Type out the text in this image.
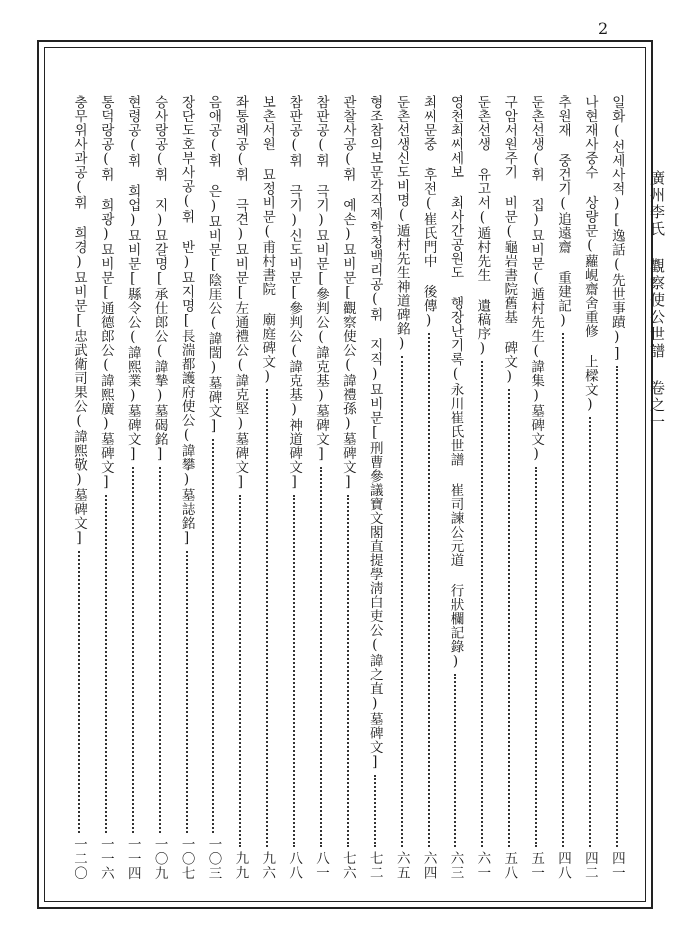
2
廣州李氏 觀察使公世譜 卷之一
일화(선세사적)[逸話(先世事蹟)]
四一
나현재사중수 상량문(蘿峴齋舍重修 上樑文)
四二
추원재 중건기(追遠齋 重建記)
四八
둔촌선생(휘 집)묘비문(遁村先生(諱集)墓碑文)
五一
구암서원주기 비문(龜岩書院舊基 碑文)
五八
둔촌선생 유고서(遁村先生 遺稿序)
六一
영천최씨세보 최사간공원도 행장난기록(永川崔氏世譜 崔司諫公元道 行狀欄記錄)
六三
최씨문중 후전(崔氏門中 後傳)
六四
둔촌선생신도비명(遁村先生神道碑銘)
六五
형조참의보문각직제학청백리공(휘 지직)묘비문[刑曹參議寶文閣直提學淸白吏公(諱之直)墓碑文]
七二
관찰사공(휘 예손)묘비문[觀察使公(諱禮孫)墓碑文]
七六
참판공(휘 극기)묘비문[參判公(諱克基)墓碑文]
八一
참판공(휘 극기)신도비문[參判公(諱克基)神道碑文]
八八
보촌서원 묘정비문(甫村書院 廟庭碑文)
九六
좌통례공(휘 극견)묘비문[左通禮公(諱克堅)墓碑文]
九九
음애공(휘 은)묘비문[陰厓公(諱誾)墓碑文]
一〇三
장단도호부사공(휘 반)묘지명[長湍都護府使公(諱攀)墓誌銘]
一〇七
승사랑공(휘 지)묘갈명[承仕郎公(諱摯)墓碣銘]
一〇九
현령공(휘 희업)묘비문[縣令公(諱熙業)墓碑文]
一一四
통덕랑공(휘 희광)묘비문[通德郎公(諱熙廣)墓碑文]
一一六
충무위사과공(휘 희경)묘비문[忠武衛司果公(諱熙敬)墓碑文]
一二〇
